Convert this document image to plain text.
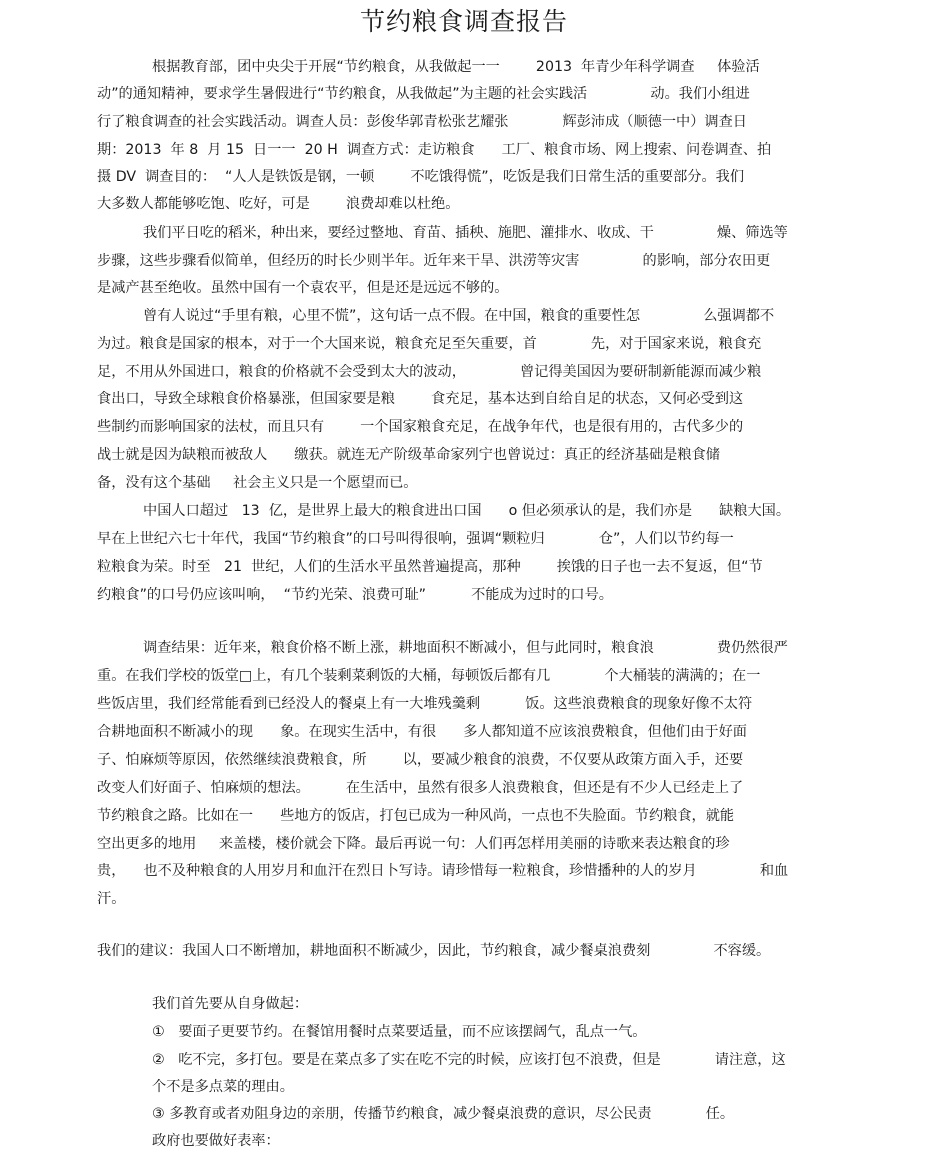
节约粮食调查报告
根据教育部，团中央尖于开展“节约粮食，从我做起一一        2013  年青少年科学调查     体验活
动”的通知精神，要求学生暑假进行“节约粮食，从我做起”为主题的社会实践活              动。我们小组进
行了粮食调查的社会实践活动。调查人员：彭俊华郭青松张艺耀张            辉彭沛成（顺德一中）调查日
期：2013  年 8  月 15  日一一  20 H  调查方式：走访粮食      工厂、粮食市场、网上搜索、问卷调查、拍
摄 DV  调查目的：  “人人是铁饭是钢，一顿        不吃饿得慌”，吃饭是我们日常生活的重要部分。我们
大多数人都能够吃饱、吃好，可是        浪费却难以杜绝。
我们平日吃的稻米，种出来，要经过整地、育苗、插秧、施肥、灌排水、收成、干              燥、筛选等
步骤，这些步骤看似简单，但经历的时长少则半年。近年来干旱、洪涝等灾害              的影响，部分农田更
是减产甚至绝收。虽然中国有一个袁农平，但是还是远远不够的。
曾有人说过“手里有粮，心里不慌”，这句话一点不假。在中国，粮食的重要性怎              么强调都不
为过。粮食是国家的根本，对于一个大国来说，粮食充足至矢重要，首            先，对于国家来说，粮食充
足，不用从外国进口，粮食的价格就不会受到太大的波动，            曾记得美国因为要研制新能源而减少粮
食出口，导致全球粮食价格暴涨，但国家要是粮        食充足，基本达到自给自足的状态，又何必受到这
些制约而影响国家的法杖，而且只有        一个国家粮食充足，在战争年代，也是很有用的，古代多少的
战士就是因为缺粮而被敌人      缴获。就连无产阶级革命家列宁也曾说过：真正的经济基础是粮食储
备，没有这个基础     社会主义只是一个愿望而已。
中国人口超过   13  亿，是世界上最大的粮食进出口国      o 但必须承认的是，我们亦是      缺粮大国。
早在上世纪六七十年代，我国“节约粮食”的口号叫得很响，强调“颗粒归            仓”，人们以节约每一
粒粮食为荣。时至   21  世纪，人们的生活水平虽然普遍提高，那种        挨饿的日子也一去不复返，但“节
约粮食”的口号仍应该叫响，  “节约光荣、浪费可耻”          不能成为过时的口号。
调查结果：近年来，粮食价格不断上涨，耕地面积不断减小，但与此同时，粮食浪              费仍然很严
重。在我们学校的饭堂□上，有几个装剩菜剩饭的大桶，每顿饭后都有几            个大桶装的满满的；在一
些饭店里，我们经常能看到已经没人的餐桌上有一大堆残羹剩          饭。这些浪费粮食的现象好像不太符
合耕地面积不断减小的现      象。在现实生活中，有很      多人都知道不应该浪费粮食，但他们由于好面
子、怕麻烦等原因，依然继续浪费粮食，所        以，要减少粮食的浪费，不仅要从政策方面入手，还要
改变人们好面子、怕麻烦的想法。        在生活中，虽然有很多人浪费粮食，但还是有不少人已经走上了
节约粮食之路。比如在一      些地方的饭店，打包已成为一种风尚，一点也不失脸面。节约粮食，就能
空出更多的地用     来盖楼，楼价就会下降。最后再说一句：人们再怎样用美丽的诗歌来表达粮食的珍
贵，    也不及种粮食的人用岁月和血汗在烈日卜写诗。请珍惜每一粒粮食，珍惜播种的人的岁月              和血
汗。
我们的建议：我国人口不断增加，耕地面积不断减少，因此，节约粮食，减少餐桌浪费刻              不容缓。
我们首先要从自身做起：
①   要面子更要节约。在餐馆用餐时点菜要适量，而不应该摆阔气，乱点一气。
②   吃不完，多打包。要是在菜点多了实在吃不完的时候，应该打包不浪费，但是            请注意，这
个不是多点菜的理由。
③ 多教育或者劝阻身边的亲朋，传播节约粮食，减少餐桌浪费的意识，尽公民责            任。
政府也要做好表率：
